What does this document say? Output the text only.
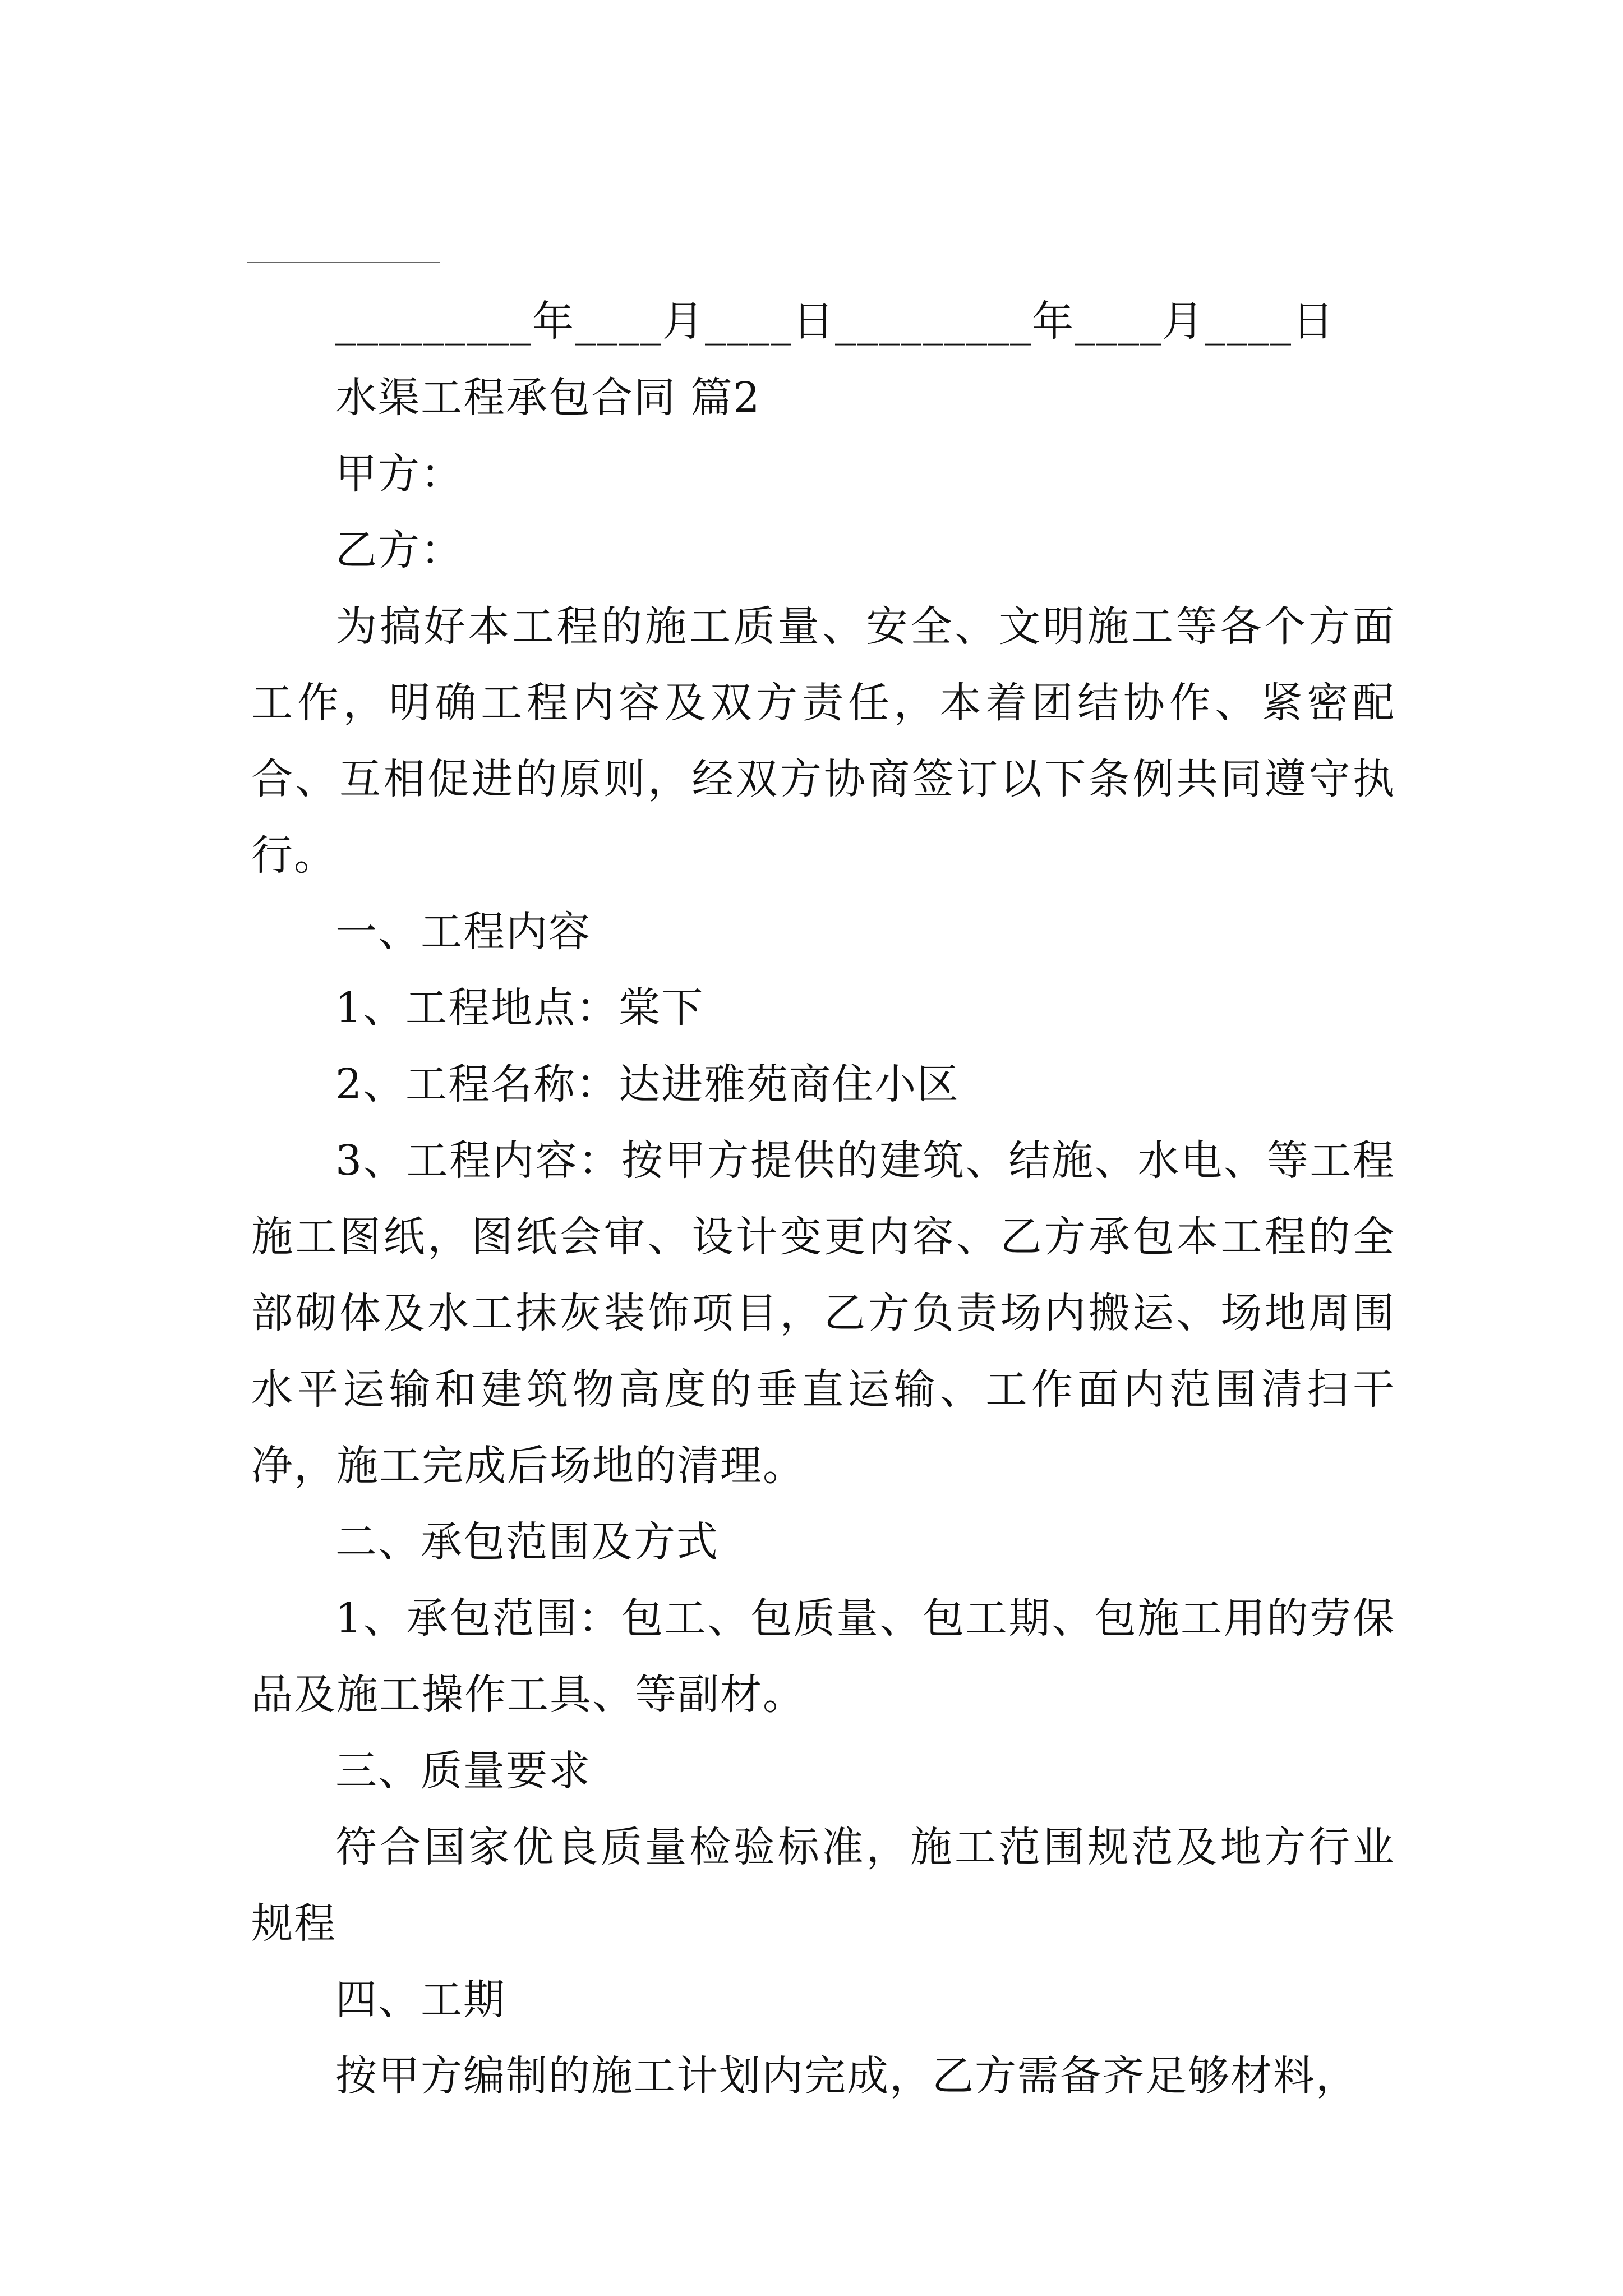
_________年____月____日_________年____月____日
水渠工程承包合同 篇2
甲方：
乙方：

为搞好本工程的施工质量、安全、文明施工等各个方面工作，明确工程内容及双方责任，本着团结协作、紧密配合、互相促进的原则，经双方协商签订以下条例共同遵守执行。

一、工程内容
1、工程地点：棠下
2、工程名称：达进雅苑商住小区

3、工程内容：按甲方提供的建筑、结施、水电、等工程施工图纸，图纸会审、设计变更内容、乙方承包本工程的全部砌体及水工抹灰装饰项目，乙方负责场内搬运、场地周围水平运输和建筑物高度的垂直运输、工作面内范围清扫干净，施工完成后场地的清理。

二、承包范围及方式

1、承包范围：包工、包质量、包工期、包施工用的劳保品及施工操作工具、等副材。

三、质量要求

符合国家优良质量检验标准，施工范围规范及地方行业规程

四、工期

按甲方编制的施工计划内完成，乙方需备齐足够材料，
